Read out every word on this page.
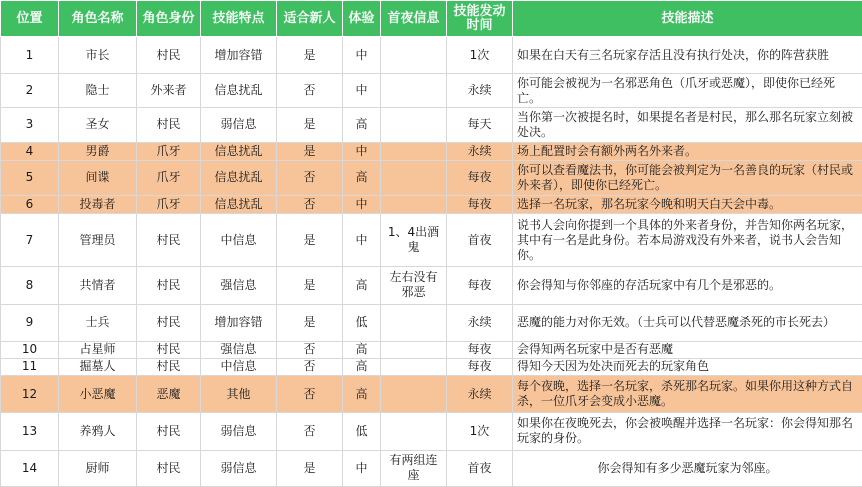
位置	角色名称	角色身份	技能特点	适合新人	体验	首夜信息	技能发动时间	技能描述
1	市长	村民	增加容错	是	中		1次	如果在白天有三名玩家存活且没有执行处决，你的阵营获胜
2	隐士	外来者	信息扰乱	否	中		永续	你可能会被视为一名邪恶角色（爪牙或恶魔），即使你已经死亡。
3	圣女	村民	弱信息	是	高		每天	当你第一次被提名时，如果提名者是村民，那么那名玩家立刻被处决。
4	男爵	爪牙	信息扰乱	是	中		永续	场上配置时会有额外两名外来者。
5	间谍	爪牙	信息扰乱	否	高		每夜	你可以查看魔法书，你可能会被判定为一名善良的玩家（村民或外来者），即使你已经死亡。
6	投毒者	爪牙	信息扰乱	否	中		每夜	选择一名玩家，那名玩家今晚和明天白天会中毒。
7	管理员	村民	中信息	是	中	1、4出酒鬼	首夜	说书人会向你提到一个具体的外来者身份，并告知你两名玩家，其中有一名是此身份。若本局游戏没有外来者，说书人会告知你。
8	共情者	村民	强信息	是	高	左右没有邪恶	每夜	你会得知与你邻座的存活玩家中有几个是邪恶的。
9	士兵	村民	增加容错	是	低		永续	恶魔的能力对你无效。（士兵可以代替恶魔杀死的市长死去）
10	占星师	村民	强信息	否	高		每夜	会得知两名玩家中是否有恶魔
11	掘墓人	村民	中信息	否	高		每夜	得知今天因为处决而死去的玩家角色
12	小恶魔	恶魔	其他	否	高		永续	每个夜晚，选择一名玩家，杀死那名玩家。如果你用这种方式自杀，一位爪牙会变成小恶魔。
13	养鸦人	村民	弱信息	否	低		1次	如果你在夜晚死去，你会被唤醒并选择一名玩家：你会得知那名玩家的身份。
14	厨师	村民	弱信息	是	中	有两组连座	首夜	你会得知有多少恶魔玩家为邻座。
